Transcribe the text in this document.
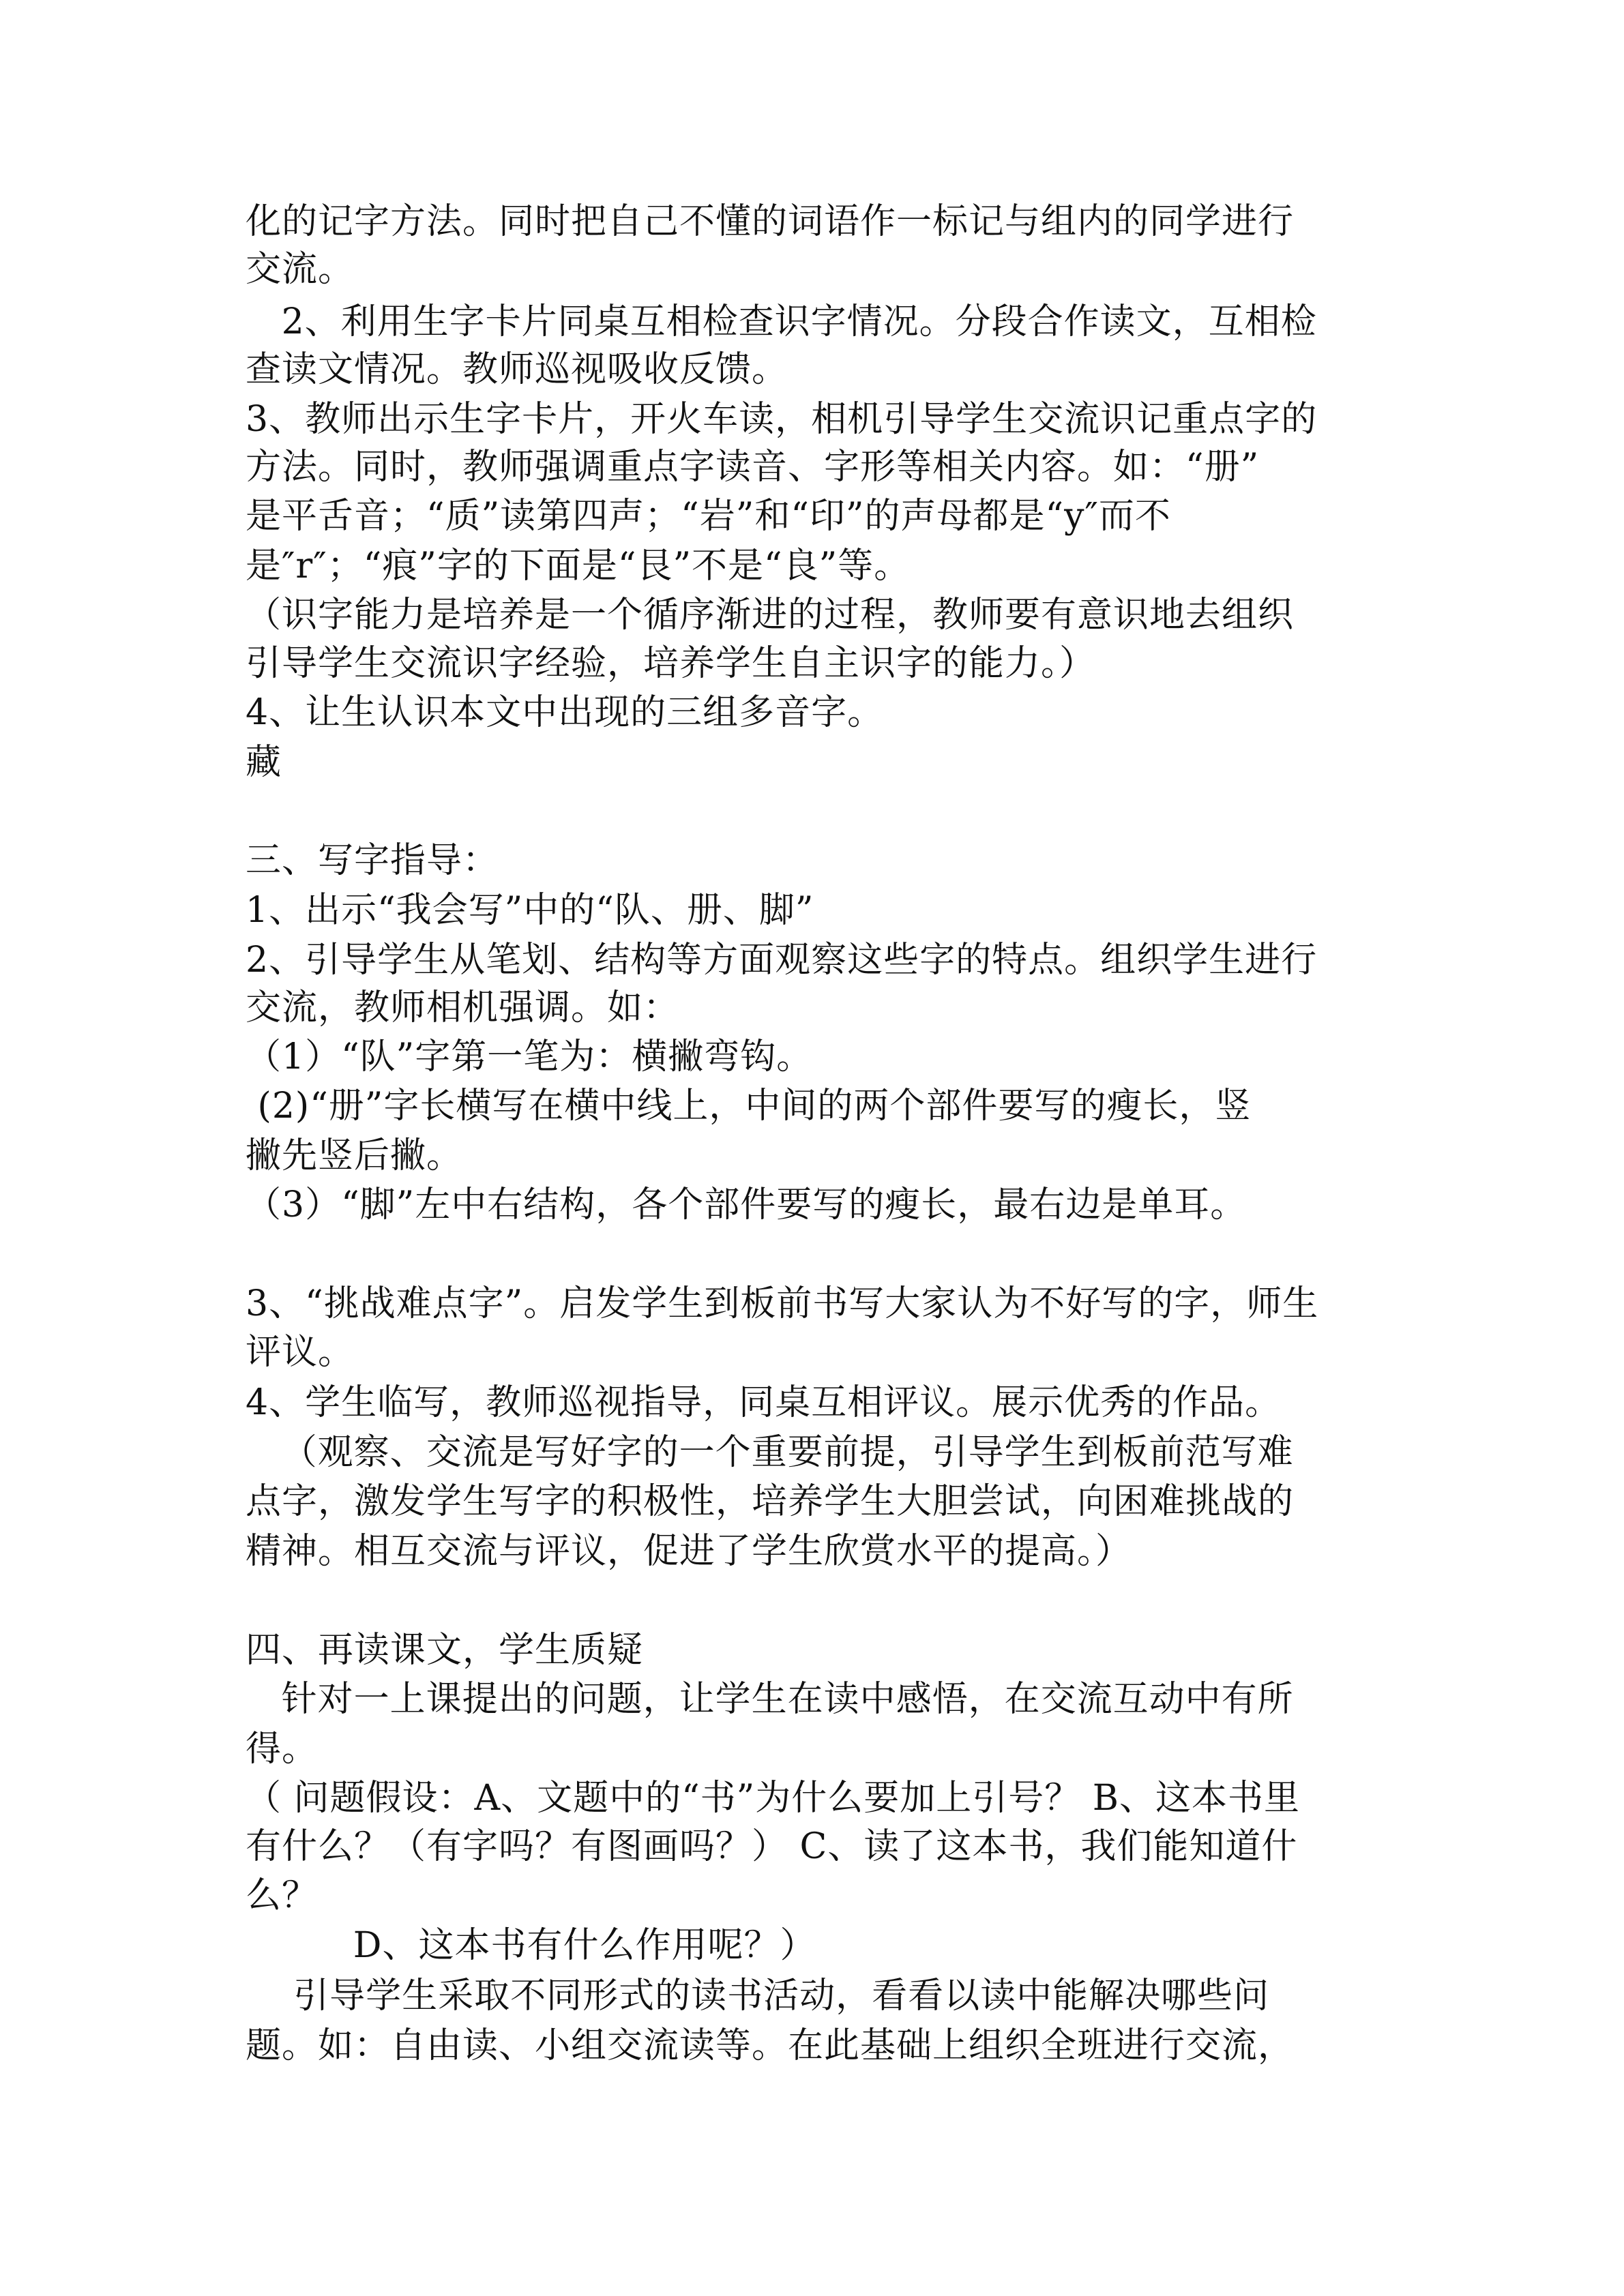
化的记字方法。同时把自己不懂的词语作一标记与组内的同学进行
交流。
2、利用生字卡片同桌互相检查识字情况。分段合作读文，互相检
查读文情况。教师巡视吸收反馈。
3、教师出示生字卡片，开火车读，相机引导学生交流识记重点字的
方法。同时，教师强调重点字读音、字形等相关内容。如：“册”
是平舌音；“质”读第四声；“岩”和“印”的声母都是“y″而不
是″r″；“痕”字的下面是“艮”不是“良”等。
（识字能力是培养是一个循序渐进的过程，教师要有意识地去组织
引导学生交流识字经验，培养学生自主识字的能力。）
4、让生认识本文中出现的三组多音字。
藏
三、写字指导：
1、出示“我会写”中的“队、册、脚”
2、引导学生从笔划、结构等方面观察这些字的特点。组织学生进行
交流，教师相机强调。如：
（1）“队”字第一笔为：横撇弯钩。
(2)“册”字长横写在横中线上，中间的两个部件要写的瘦长，竖
撇先竖后撇。
（3）“脚”左中右结构，各个部件要写的瘦长，最右边是单耳。
3、“挑战难点字”。启发学生到板前书写大家认为不好写的字，师生
评议。
4、学生临写，教师巡视指导，同桌互相评议。展示优秀的作品。
（观察、交流是写好字的一个重要前提，引导学生到板前范写难
点字，激发学生写字的积极性，培养学生大胆尝试，向困难挑战的
精神。相互交流与评议，促进了学生欣赏水平的提高。）
四、再读课文，学生质疑
针对一上课提出的问题，让学生在读中感悟，在交流互动中有所
得。
（ 问题假设：A、文题中的“书”为什么要加上引号？ B、这本书里
有什么？（有字吗？有图画吗？） C、读了这本书，我们能知道什
么？
D、这本书有什么作用呢？）
引导学生采取不同形式的读书活动，看看以读中能解决哪些问
题。如：自由读、小组交流读等。在此基础上组织全班进行交流，
